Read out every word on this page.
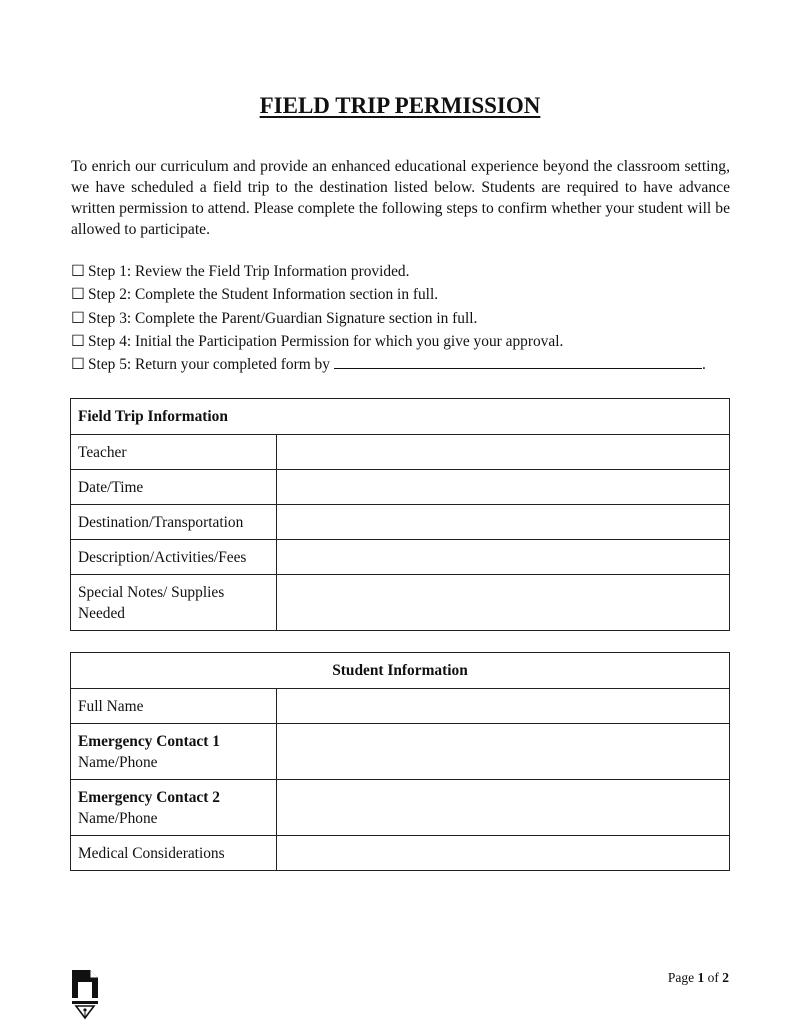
FIELD TRIP PERMISSION

To enrich our curriculum and provide an enhanced educational experience beyond the classroom setting, we have scheduled a field trip to the destination listed below. Students are required to have advance written permission to attend. Please complete the following steps to confirm whether your student will be allowed to participate.

☐ Step 1: Review the Field Trip Information provided.
☐ Step 2: Complete the Student Information section in full.
☐ Step 3: Complete the Parent/Guardian Signature section in full.
☐ Step 4: Initial the Participation Permission for which you give your approval.
☐ Step 5: Return your completed form by	.
Field Trip Information	
Teacher	
Date/Time	
Destination/Transportation	
Description/Activities/Fees	
Special Notes/ Supplies Needed	
Student Information	
Full Name	

Emergency Contact 1
Name/Phone	

Emergency Contact 2
Name/Phone	

Medical Considerations	
Page 1 of 2
